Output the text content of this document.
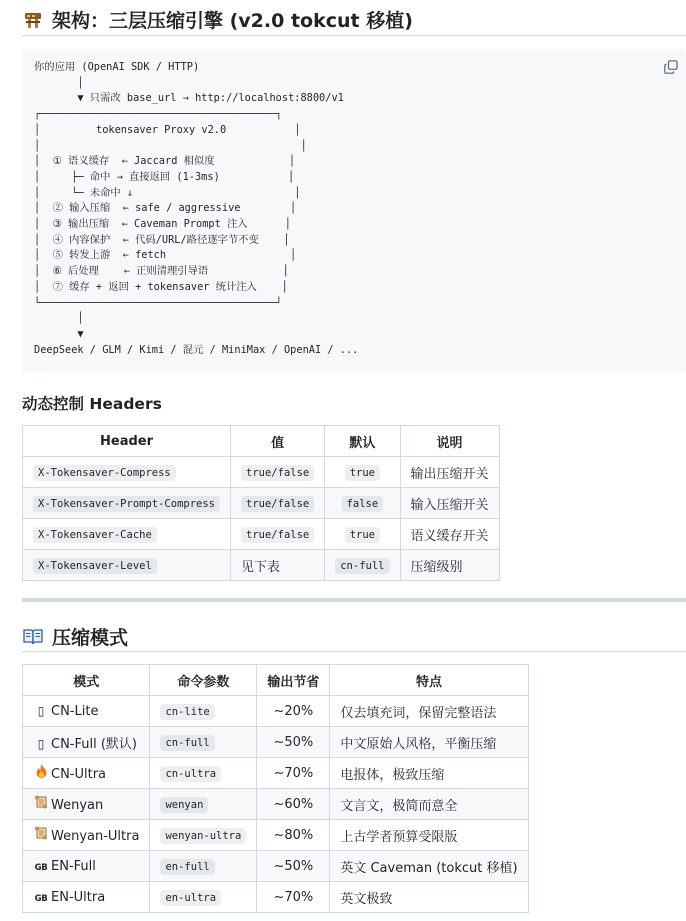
架构：三层压缩引擎 (v2.0 tokcut 移植)
你的应用 (OpenAI SDK / HTTP)
│
▼ 只需改 base_url → http://localhost:8800/v1
┌──────────────────────────────────────┐
│         tokensaver Proxy v2.0           │
│                                          │
│  ① 语义缓存  ← Jaccard 相似度            │
│     ├─ 命中 → 直接返回 (1-3ms)           │
│     └─ 未命中 ↓                          │
│  ② 输入压缩  ← safe / aggressive        │
│  ③ 输出压缩  ← Caveman Prompt 注入      │
│  ④ 内容保护  ← 代码/URL/路径逐字节不变    │
│  ⑤ 转发上游  ← fetch                    │
│  ⑥ 后处理    ← 正则清理引导语            │
│  ⑦ 缓存 + 返回 + tokensaver 统计注入    │
└──────────────────────────────────────┘
│
▼
DeepSeek / GLM / Kimi / 混元 / MiniMax / OpenAI / ...
动态控制 Headers
Header	值	默认	说明
X-Tokensaver-Compress	true/false	true	输出压缩开关
X-Tokensaver-Prompt-Compress	true/false	false	输入压缩开关
X-Tokensaver-Cache	true/false	true	语义缓存开关
X-Tokensaver-Level	见下表	cn-full	压缩级别
压缩模式
模式	命令参数	输出节省	特点
▯ CN-Lite	cn-lite	~20%	仅去填充词，保留完整语法
▯ CN-Full (默认)	cn-full	~50%	中文原始人风格，平衡压缩
CN-Ultra	cn-ultra	~70%	电报体，极致压缩
Wenyan	wenyan	~60%	文言文，极简而意全
Wenyan-Ultra	wenyan-ultra	~80%	上古学者预算受限版
GB EN-Full	en-full	~50%	英文 Caveman (tokcut 移植)
GB EN-Ultra	en-ultra	~70%	英文极致
